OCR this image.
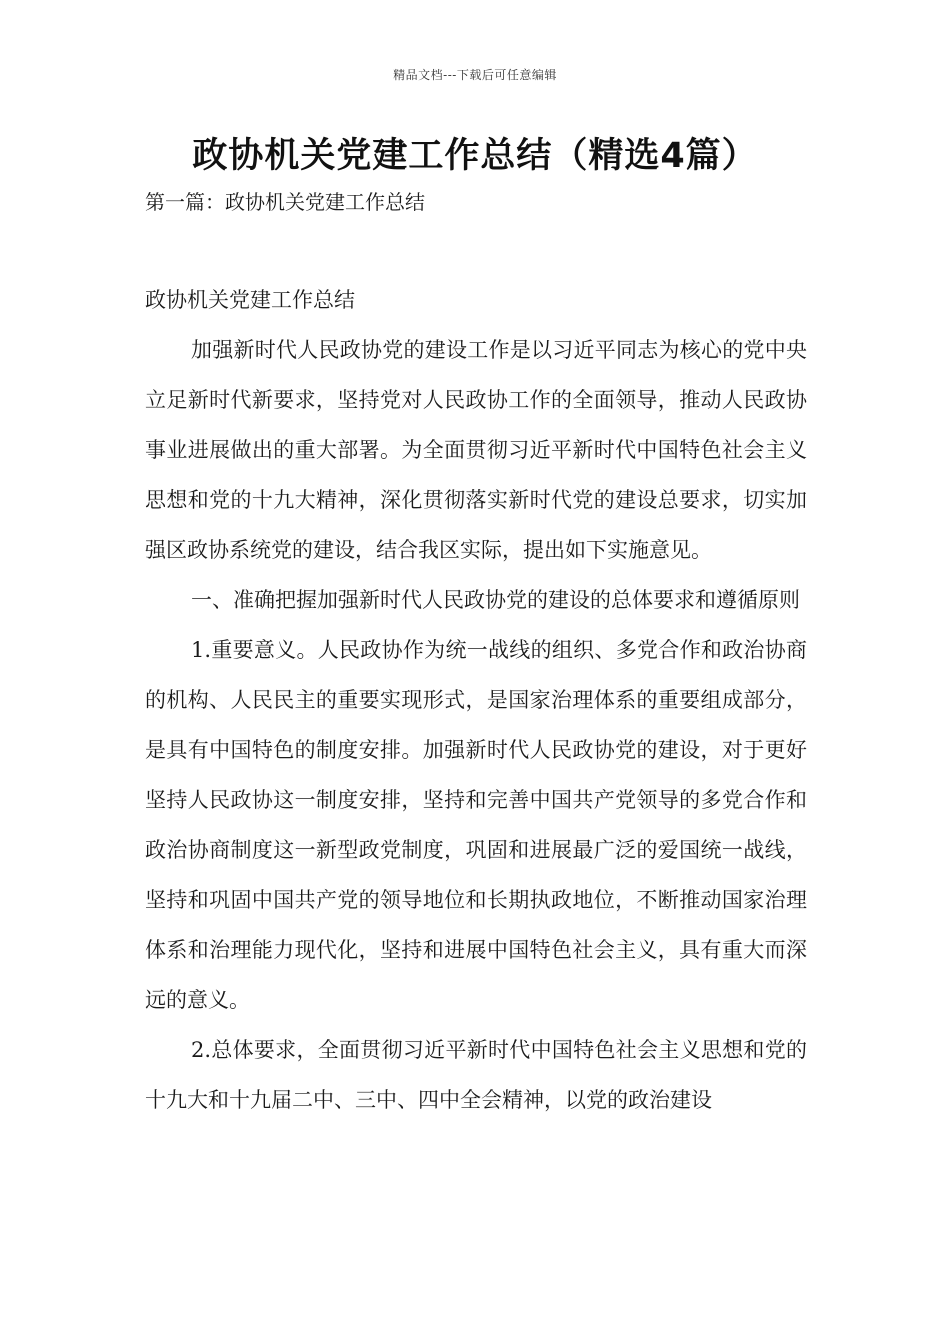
精品文档---下载后可任意编辑
政协机关党建工作总结（精选4篇）
第一篇：政协机关党建工作总结

政协机关党建工作总结

加强新时代人民政协党的建设工作是以习近平同志为核心的党中央立足新时代新要求，坚持党对人民政协工作的全面领导，推动人民政协事业进展做出的重大部署。为全面贯彻习近平新时代中国特色社会主义思想和党的十九大精神，深化贯彻落实新时代党的建设总要求，切实加强区政协系统党的建设，结合我区实际，提出如下实施意见。

一、准确把握加强新时代人民政协党的建设的总体要求和遵循原则

1.重要意义。人民政协作为统一战线的组织、多党合作和政治协商的机构、人民民主的重要实现形式，是国家治理体系的重要组成部分，是具有中国特色的制度安排。加强新时代人民政协党的建设，对于更好坚持人民政协这一制度安排，坚持和完善中国共产党领导的多党合作和政治协商制度这一新型政党制度，巩固和进展最广泛的爱国统一战线，坚持和巩固中国共产党的领导地位和长期执政地位，不断推动国家治理体系和治理能力现代化，坚持和进展中国特色社会主义，具有重大而深远的意义。

2.总体要求，全面贯彻习近平新时代中国特色社会主义思想和党的十九大和十九届二中、三中、四中全会精神，以党的政治建设
